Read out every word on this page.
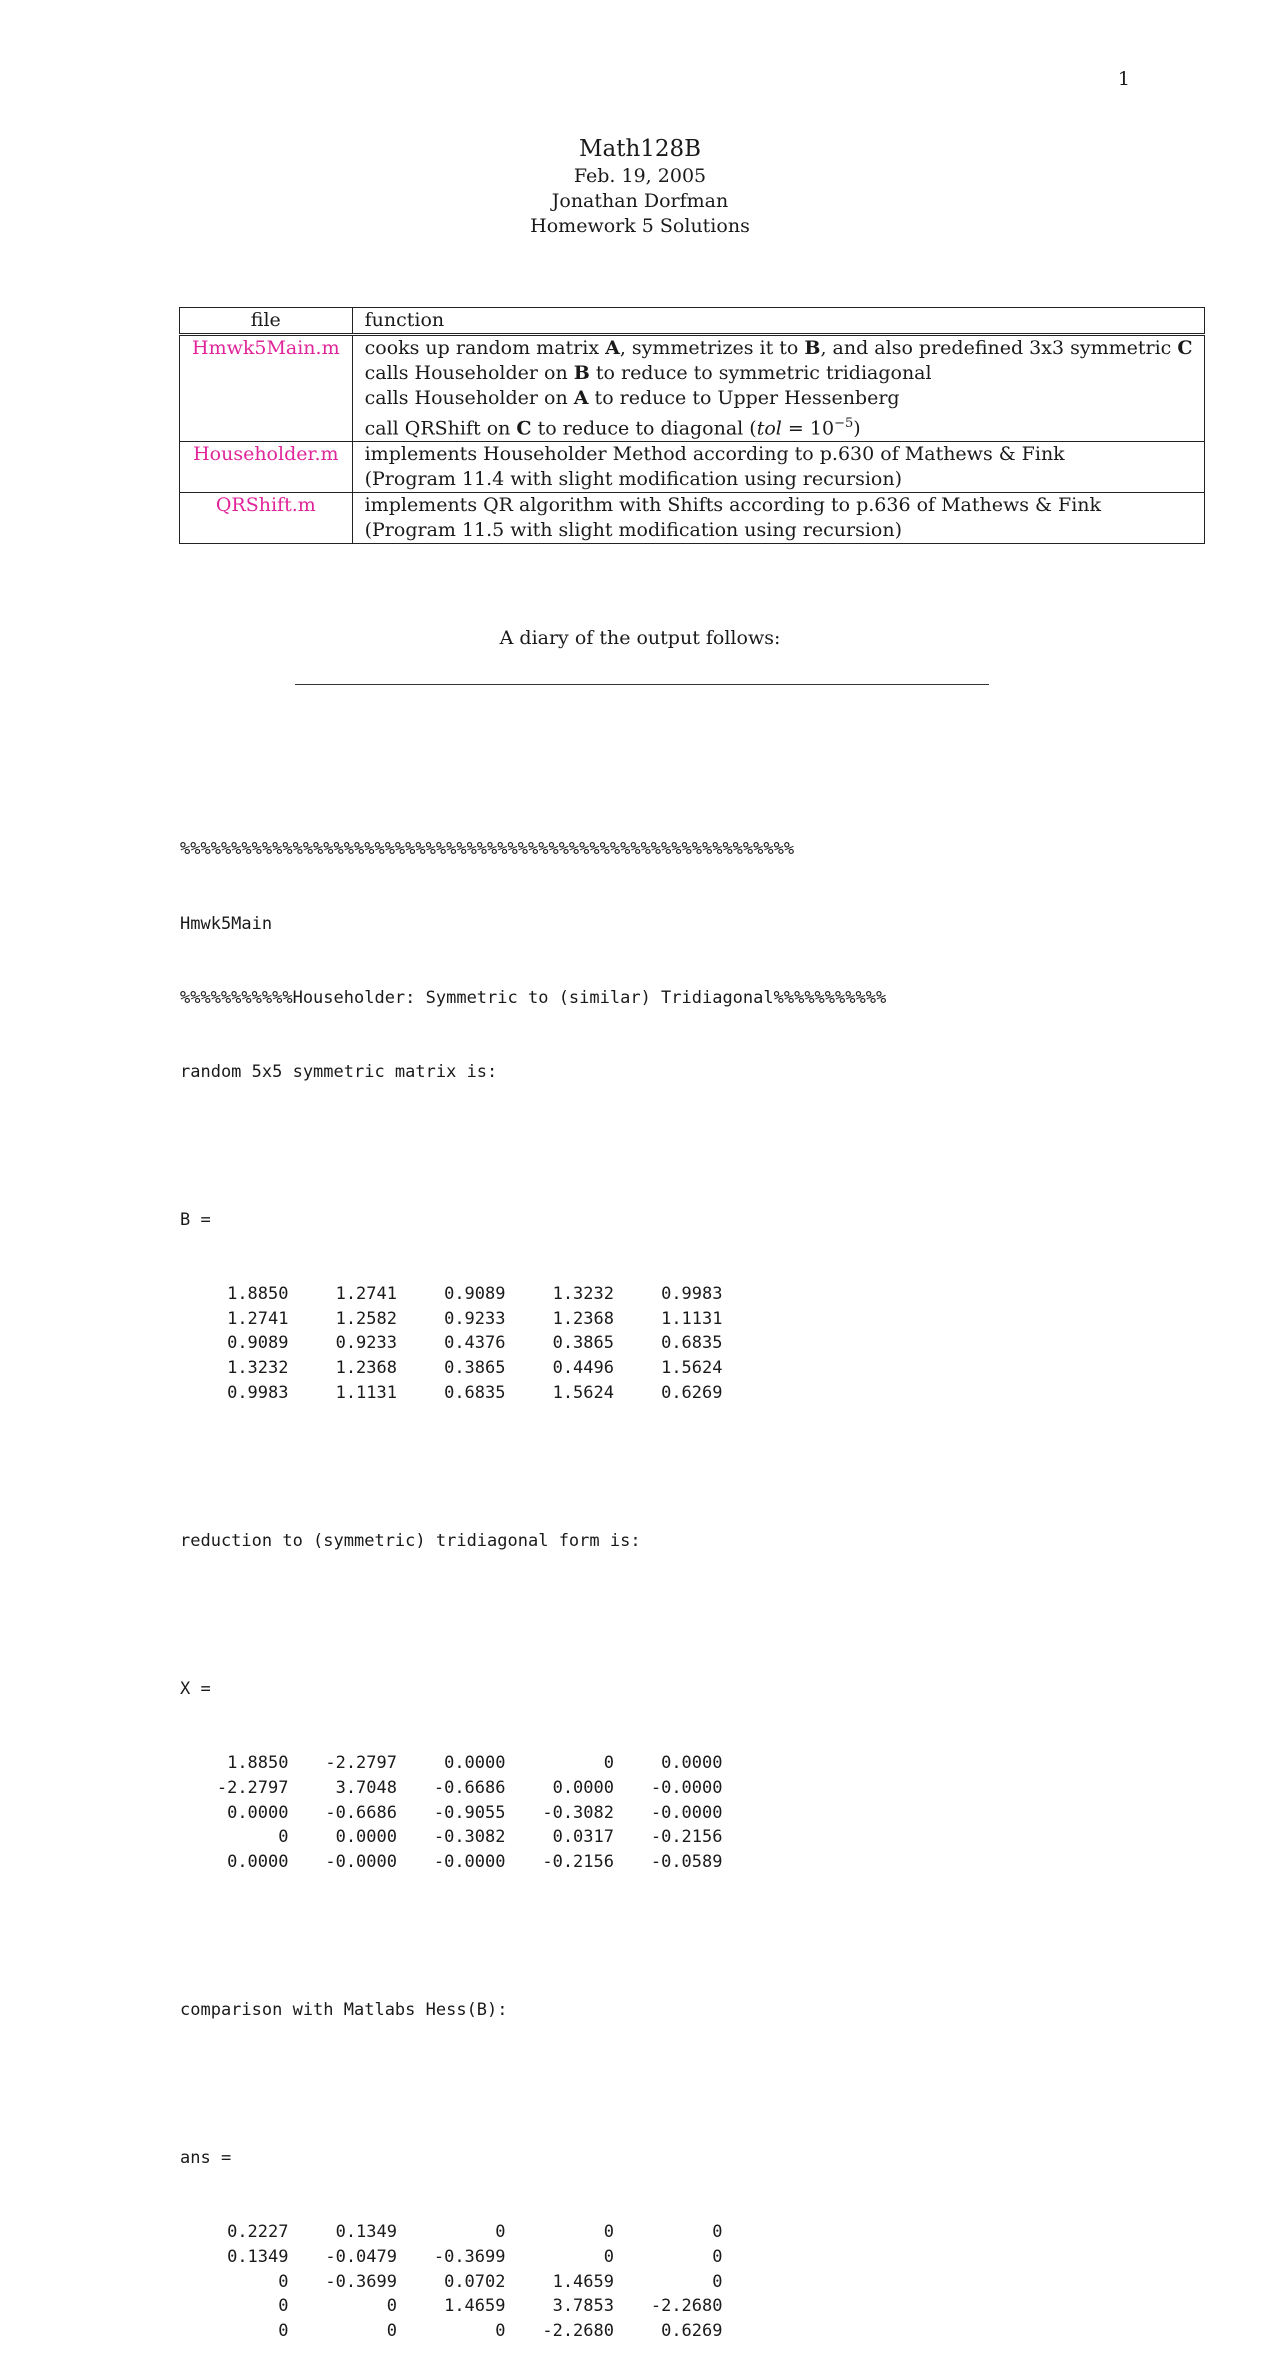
1
Math128B
Feb. 19, 2005
Jonathan Dorfman
Homework 5 Solutions
file	function
Hmwk5Main.m	cooks up random matrix A, symmetrizes it to B, and also predefined 3x3 symmetric C
calls Householder on B to reduce to symmetric tridiagonal
calls Householder on A to reduce to Upper Hessenberg
call QRShift on C to reduce to diagonal $(tol = 10^{-5})$

Householder.m	implements Householder Method according to p.630 of Mathews & Fink
(Program 11.4 with slight modification using recursion)

QRShift.m	implements QR algorithm with Shifts according to p.636 of Mathews & Fink
(Program 11.5 with slight modification using recursion)
A diary of the output follows:

%%%%%%%%%%%%%%%%%%%%%%%%%%%%%%%%%%%%%%%%%%%%%%%%%%%%%%%%%%%%

Hmwk5Main

%%%%%%%%%%%Householder: Symmetric to (similar) Tridiagonal%%%%%%%%%%%

random 5x5 symmetric matrix is:

B =

1.8850	1.2741	0.9089	1.3232	0.9983
1.2741	1.2582	0.9233	1.2368	1.1131
0.9089	0.9233	0.4376	0.3865	0.6835
1.3232	1.2368	0.3865	0.4496	1.5624
0.9983	1.1131	0.6835	1.5624	0.6269

reduction to (symmetric) tridiagonal form is:

X =

1.8850	-2.2797	0.0000	0	0.0000
-2.2797	3.7048	-0.6686	0.0000	-0.0000
0.0000	-0.6686	-0.9055	-0.3082	-0.0000
0	0.0000	-0.3082	0.0317	-0.2156
0.0000	-0.0000	-0.0000	-0.2156	-0.0589

comparison with Matlabs Hess(B):

ans =

0.2227	0.1349	0	0	0
0.1349	-0.0479	-0.3699	0	0
0	-0.3699	0.0702	1.4659	0
0	0	1.4659	3.7853	-2.2680
0	0	0	-2.2680	0.6269
